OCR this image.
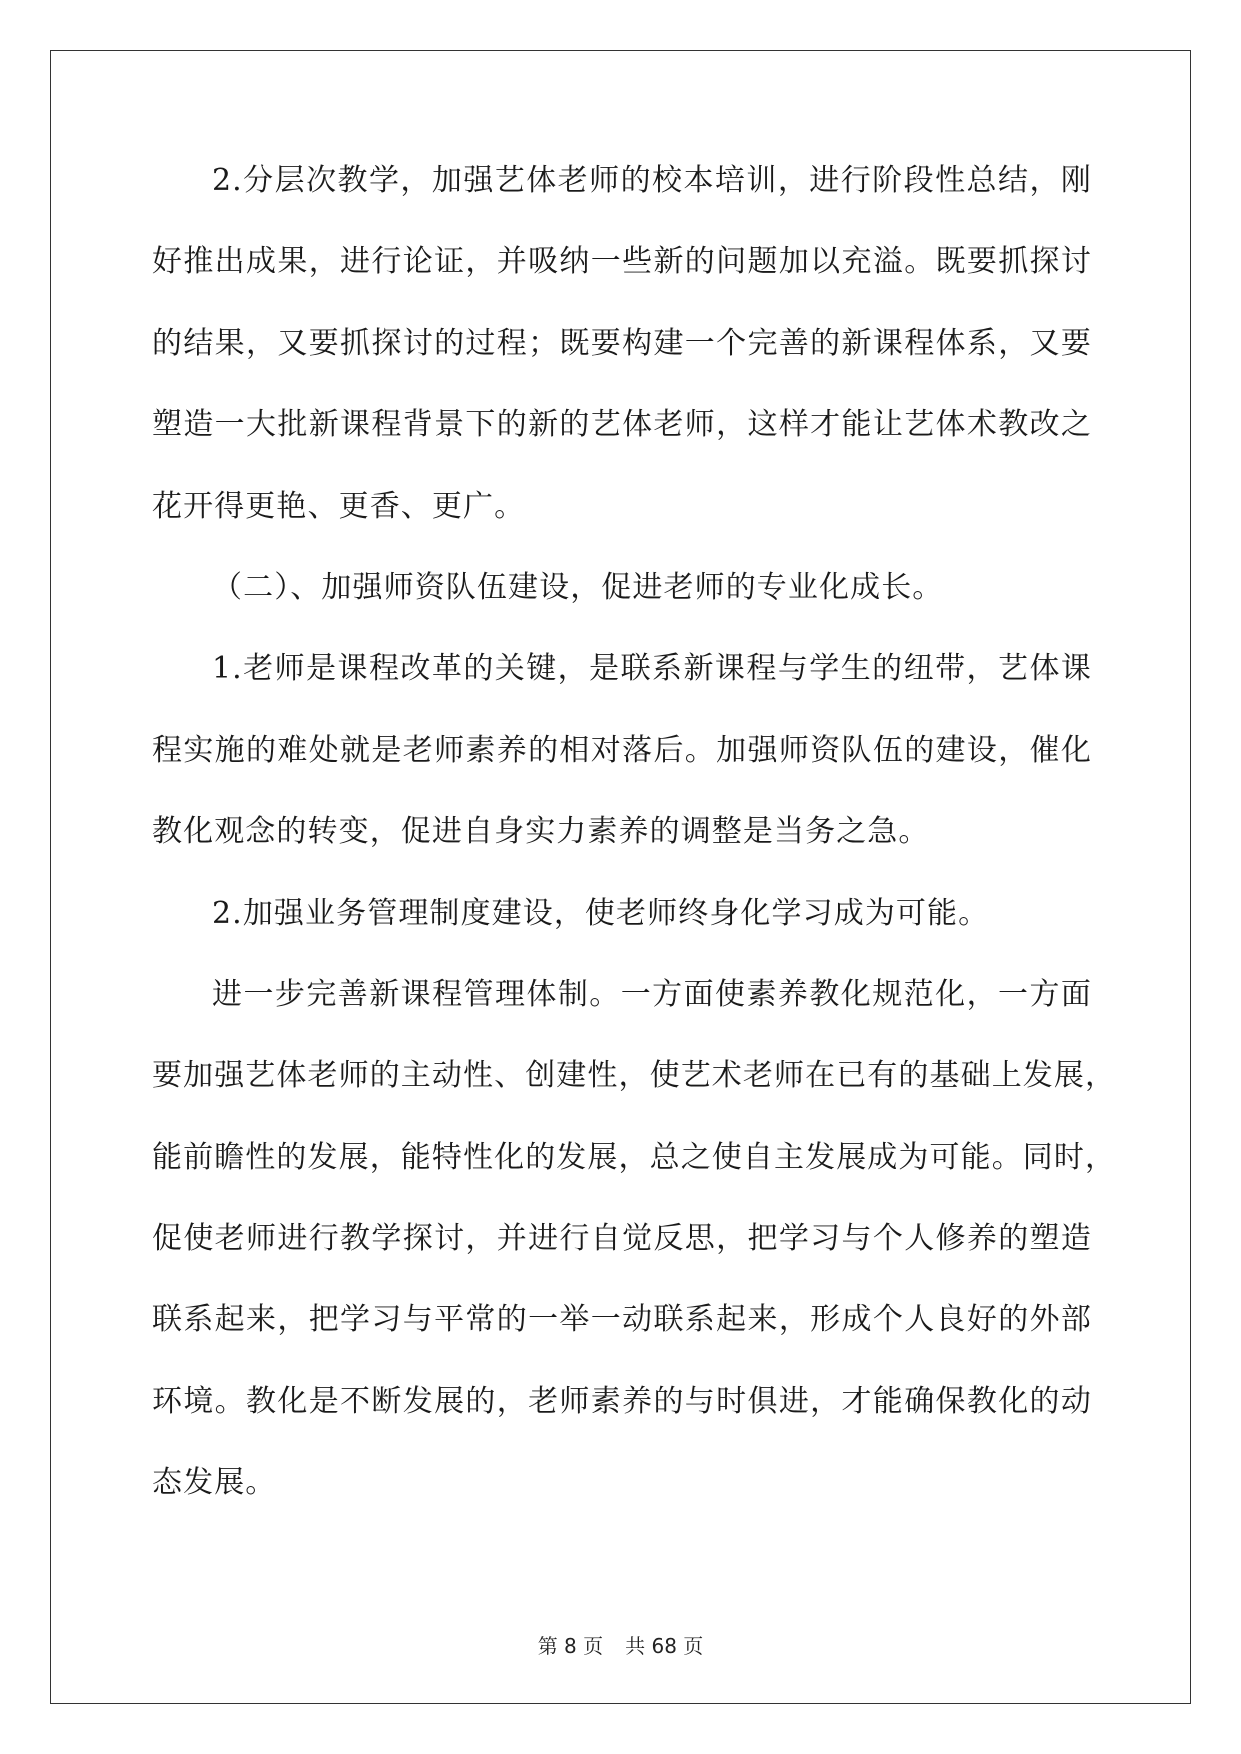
2.分层次教学，加强艺体老师的校本培训，进行阶段性总结，刚
好推出成果，进行论证，并吸纳一些新的问题加以充溢。既要抓探讨
的结果，又要抓探讨的过程；既要构建一个完善的新课程体系，又要
塑造一大批新课程背景下的新的艺体老师，这样才能让艺体术教改之
花开得更艳、更香、更广。
（二）、加强师资队伍建设，促进老师的专业化成长。
1.老师是课程改革的关键，是联系新课程与学生的纽带，艺体课
程实施的难处就是老师素养的相对落后。加强师资队伍的建设，催化
教化观念的转变，促进自身实力素养的调整是当务之急。
2.加强业务管理制度建设，使老师终身化学习成为可能。
进一步完善新课程管理体制。一方面使素养教化规范化，一方面
要加强艺体老师的主动性、创建性，使艺术老师在已有的基础上发展，
能前瞻性的发展，能特性化的发展，总之使自主发展成为可能。同时，
促使老师进行教学探讨，并进行自觉反思，把学习与个人修养的塑造
联系起来，把学习与平常的一举一动联系起来，形成个人良好的外部
环境。教化是不断发展的，老师素养的与时俱进，才能确保教化的动
态发展。
第 8 页 共 68 页
